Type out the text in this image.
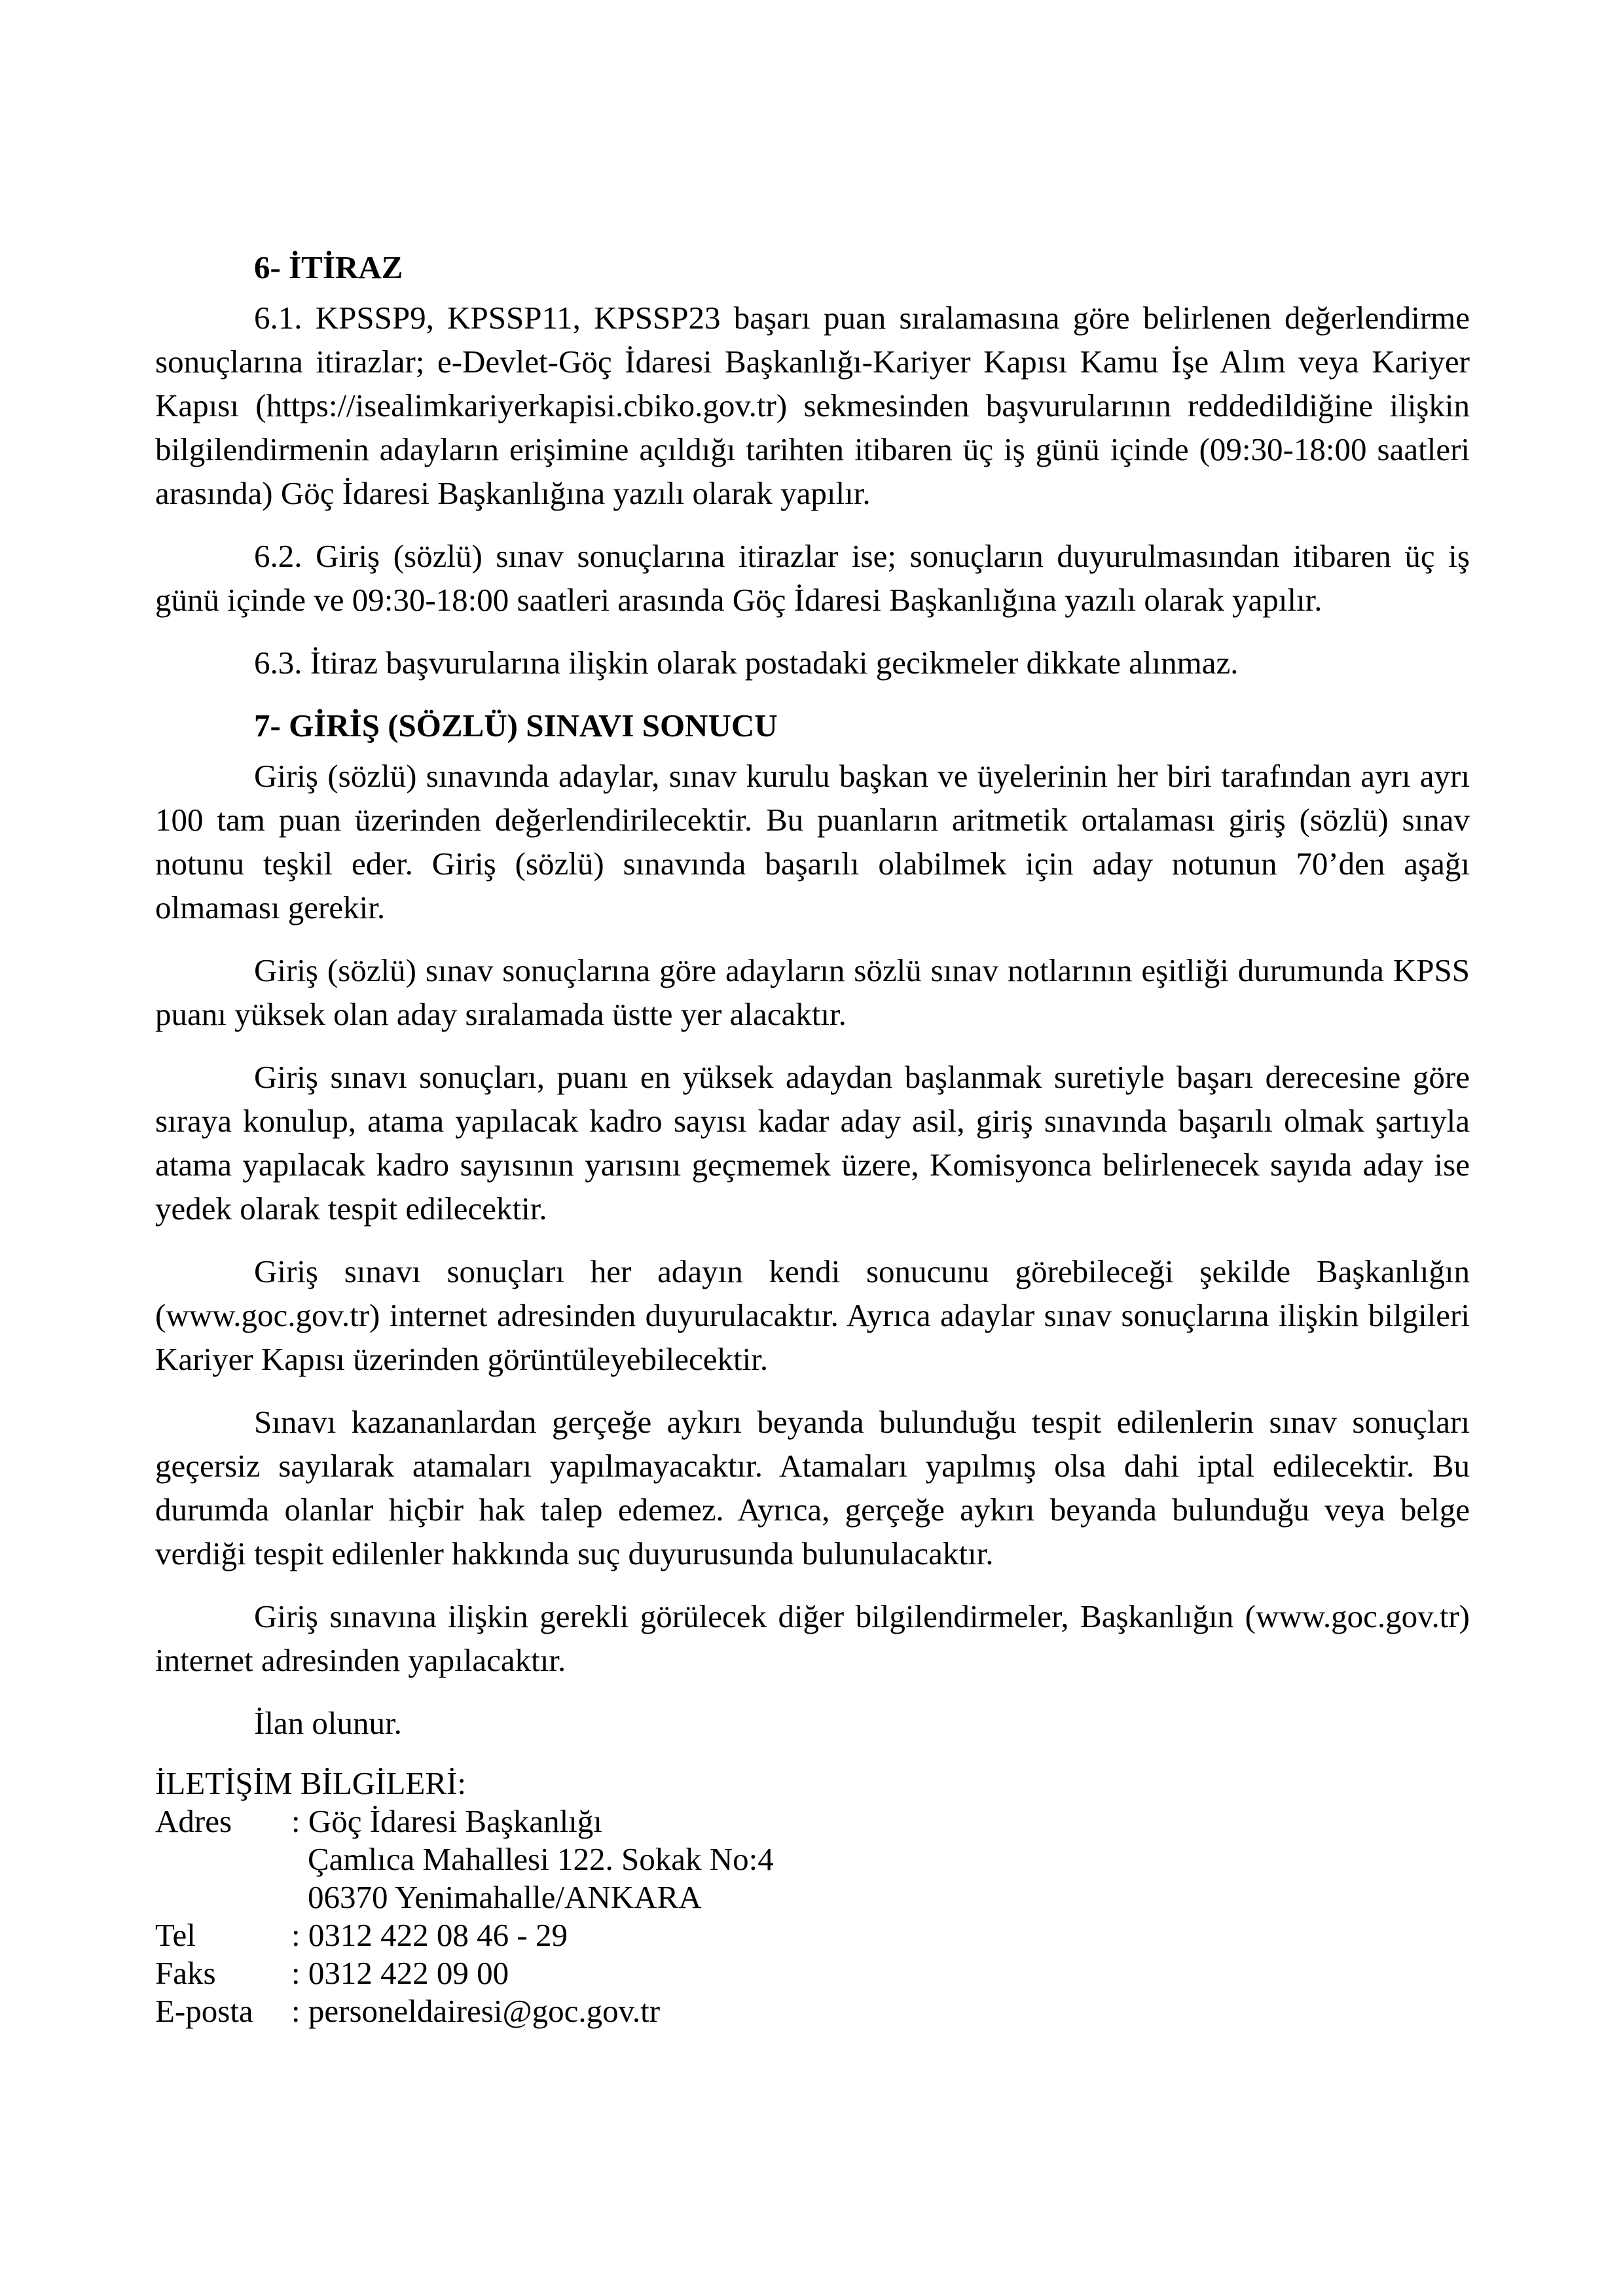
6- İTİRAZ

6.1. KPSSP9, KPSSP11, KPSSP23 başarı puan sıralamasına göre belirlenen değerlendirme sonuçlarına itirazlar; e-Devlet-Göç İdaresi Başkanlığı-Kariyer Kapısı Kamu İşe Alım veya Kariyer Kapısı (https://isealimkariyerkapisi.cbiko.gov.tr) sekmesinden başvurularının reddedildiğine ilişkin bilgilendirmenin adayların erişimine açıldığı tarihten itibaren üç iş günü içinde (09:30-18:00 saatleri arasında) Göç İdaresi Başkanlığına yazılı olarak yapılır.

6.2. Giriş (sözlü) sınav sonuçlarına itirazlar ise; sonuçların duyurulmasından itibaren üç iş günü içinde ve 09:30-18:00 saatleri arasında Göç İdaresi Başkanlığına yazılı olarak yapılır.

6.3. İtiraz başvurularına ilişkin olarak postadaki gecikmeler dikkate alınmaz.

7- GİRİŞ (SÖZLÜ) SINAVI SONUCU

Giriş (sözlü) sınavında adaylar, sınav kurulu başkan ve üyelerinin her biri tarafından ayrı ayrı 100 tam puan üzerinden değerlendirilecektir. Bu puanların aritmetik ortalaması giriş (sözlü) sınav notunu teşkil eder. Giriş (sözlü) sınavında başarılı olabilmek için aday notunun 70’den aşağı olmaması gerekir.

Giriş (sözlü) sınav sonuçlarına göre adayların sözlü sınav notlarının eşitliği durumunda KPSS puanı yüksek olan aday sıralamada üstte yer alacaktır.

Giriş sınavı sonuçları, puanı en yüksek adaydan başlanmak suretiyle başarı derecesine göre sıraya konulup, atama yapılacak kadro sayısı kadar aday asil, giriş sınavında başarılı olmak şartıyla atama yapılacak kadro sayısının yarısını geçmemek üzere, Komisyonca belirlenecek sayıda aday ise yedek olarak tespit edilecektir.

Giriş sınavı sonuçları her adayın kendi sonucunu görebileceği şekilde Başkanlığın (www.goc.gov.tr) internet adresinden duyurulacaktır. Ayrıca adaylar sınav sonuçlarına ilişkin bilgileri Kariyer Kapısı üzerinden görüntüleyebilecektir.

Sınavı kazananlardan gerçeğe aykırı beyanda bulunduğu tespit edilenlerin sınav sonuçları geçersiz sayılarak atamaları yapılmayacaktır. Atamaları yapılmış olsa dahi iptal edilecektir. Bu durumda olanlar hiçbir hak talep edemez. Ayrıca, gerçeğe aykırı beyanda bulunduğu veya belge verdiği tespit edilenler hakkında suç duyurusunda bulunulacaktır.

Giriş sınavına ilişkin gerekli görülecek diğer bilgilendirmeler, Başkanlığın (www.goc.gov.tr) internet adresinden yapılacaktır.

İlan olunur.

İLETİŞİM BİLGİLERİ:

Adres	: Göç İdaresi Başkanlığı
Çamlıca Mahallesi 122. Sokak No:4
06370 Yenimahalle/ANKARA
Tel	: 0312 422 08 46 - 29
Faks	: 0312 422 09 00
E-posta	: personeldairesi@goc.gov.tr
